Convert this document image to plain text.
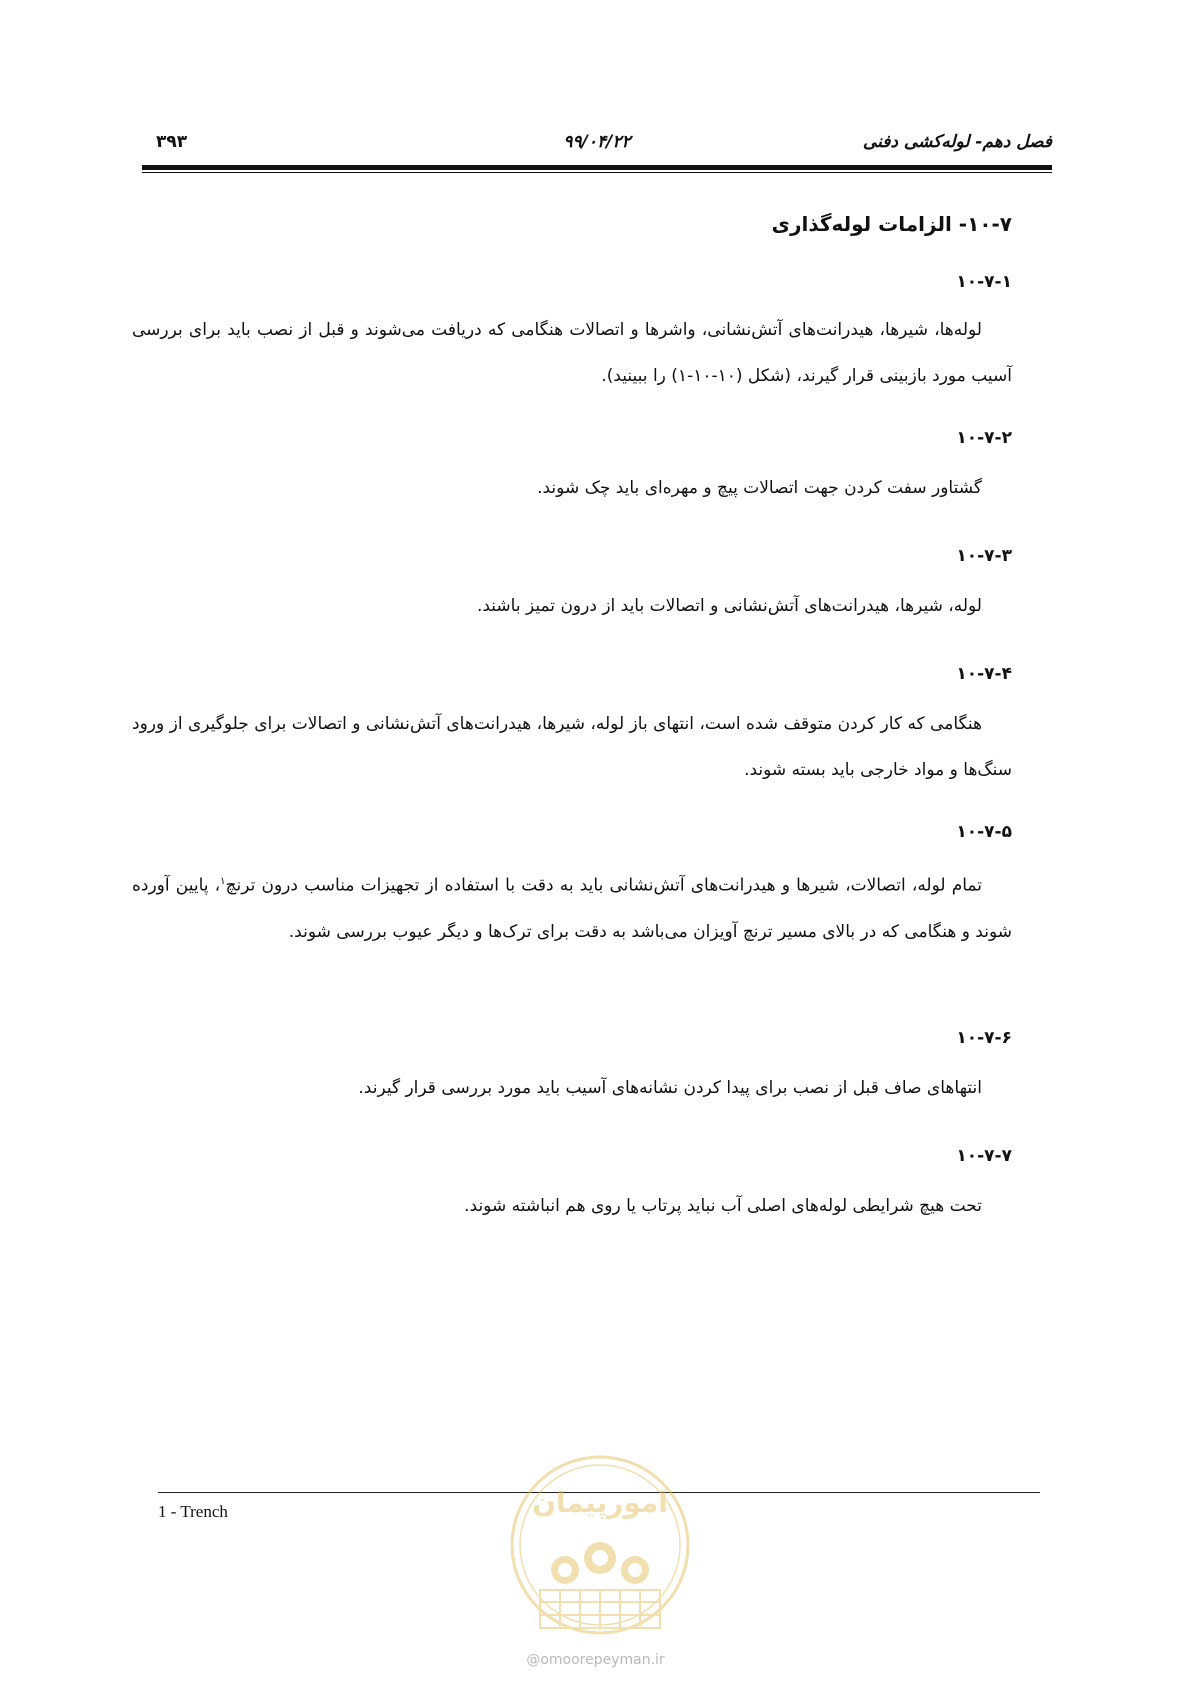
فصل دهم- لوله‌کشی دفنی
۹۹/۰۴/۲۲
۳۹۳
۱۰-۷- الزامات لوله‌گذاری
۱۰-۷-۱
لوله‌ها، شیرها، هیدرانت‌های آتش‌نشانی، واشرها و اتصالات هنگامی که دریافت می‌شوند و قبل از نصب باید برای بررسی آسیب مورد بازبینی قرار گیرند، (شکل (۱۰-۱۰-۱) را ببینید).
۱۰-۷-۲
گشتاور سفت کردن جهت اتصالات پیچ و مهره‌ای باید چک شوند.
۱۰-۷-۳
لوله، شیرها، هیدرانت‌های آتش‌نشانی و اتصالات باید از درون تمیز باشند.
۱۰-۷-۴
هنگامی که کار کردن متوقف شده است، انتهای باز لوله، شیرها، هیدرانت‌های آتش‌نشانی و اتصالات برای جلوگیری از ورود سنگ‌ها و مواد خارجی باید بسته شوند.
۱۰-۷-۵
تمام لوله، اتصالات، شیرها و هیدرانت‌های آتش‌نشانی باید به دقت با استفاده از تجهیزات مناسب درون ترنچ$^۱$، پایین آورده شوند و هنگامی که در بالای مسیر ترنچ آویزان می‌باشد به دقت برای ترک‌ها و دیگر عیوب بررسی شوند.
۱۰-۷-۶
انتهاهای صاف قبل از نصب برای پیدا کردن نشانه‌های آسیب باید مورد بررسی قرار گیرند.
۱۰-۷-۷
تحت هیچ شرایطی لوله‌های اصلی آب نباید پرتاب یا روی هم انباشته شوند.
1 - Trench	امورپیمان
@omoorepeyman.ir
